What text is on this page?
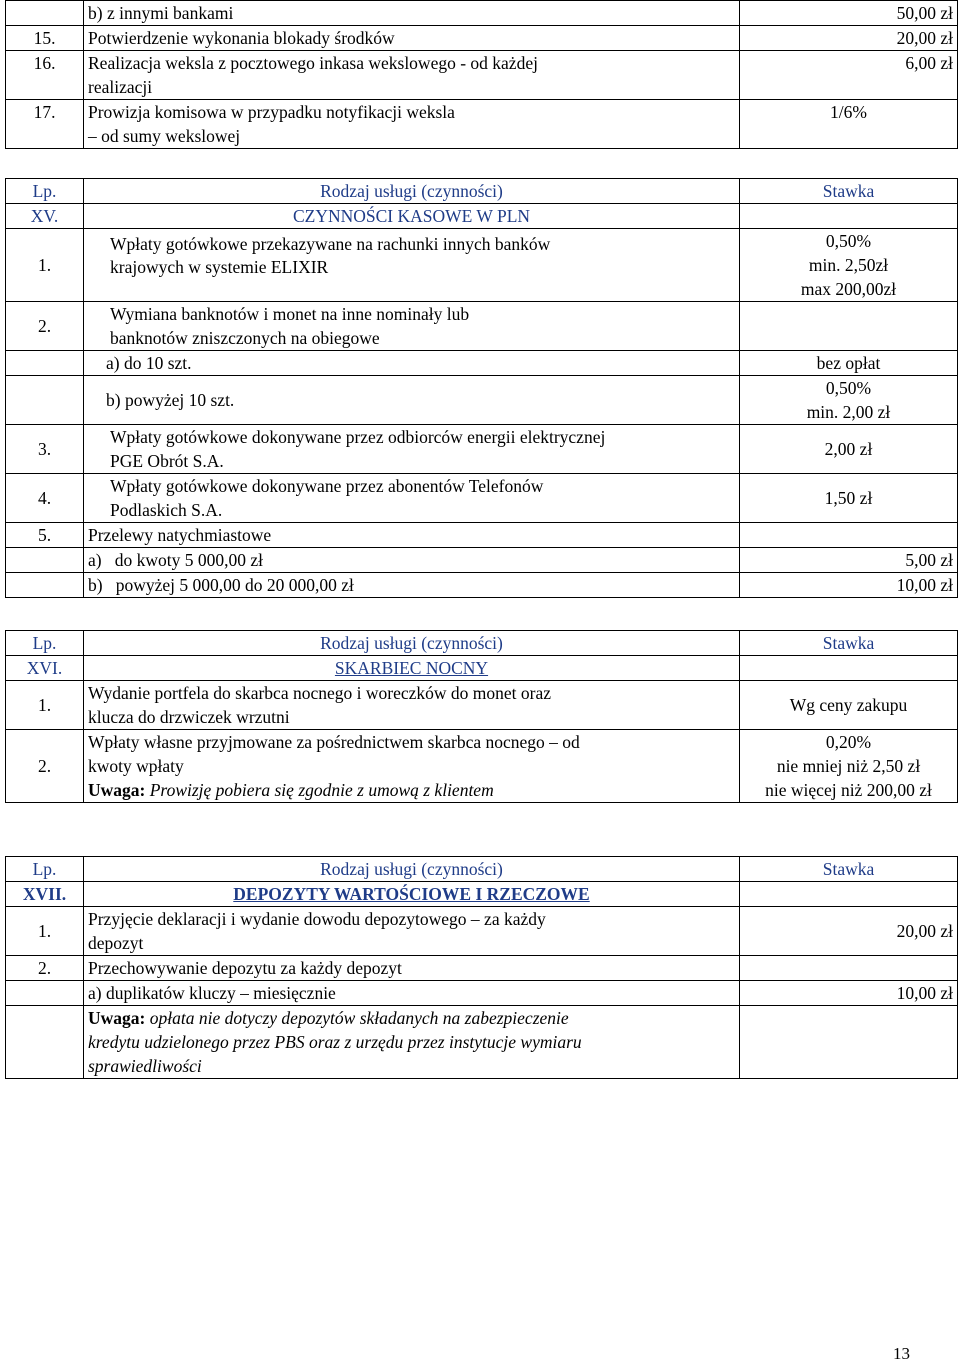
	b) z innymi bankami	50,00 zł
15.	Potwierdzenie wykonania blokady środków	20,00 zł
16.	Realizacja weksla z pocztowego inkasa wekslowego - od każdej
realizacji	6,00 zł
17.	Prowizja komisowa w przypadku notyfikacji weksla
– od sumy wekslowej	1/6%
Lp.	Rodzaj usługi (czynności)	Stawka
XV.	CZYNNOŚCI KASOWE W PLN	
1.	Wpłaty gotówkowe przekazywane na rachunki innych banków
krajowych w systemie ELIXIR	0,50%
min. 2,50zł
max 200,00zł

2.	Wymiana banknotów i monet na inne nominały lub
banknotów zniszczonych na obiegowe	

	a) do 10 szt.	bez opłat
	b) powyżej 10 szt.	0,50%
min. 2,00 zł

3.	Wpłaty gotówkowe dokonywane przez odbiorców energii elektrycznej
PGE Obrót S.A.	2,00 zł
4.	Wpłaty gotówkowe dokonywane przez abonentów Telefonów
Podlaskich S.A.	1,50 zł
5.	Przelewy natychmiastowe	
	a)   do kwoty 5 000,00 zł	5,00 zł
	b)   powyżej 5 000,00 do 20 000,00 zł	10,00 zł
Lp.	Rodzaj usługi (czynności)	Stawka
XVI.	SKARBIEC NOCNY	
1.	Wydanie portfela do skarbca nocnego i woreczków do monet oraz
klucza do drzwiczek wrzutni	Wg ceny zakupu
2.	Wpłaty własne przyjmowane za pośrednictwem skarbca nocnego – od
kwoty wpłaty
Uwaga: Prowizję pobiera się zgodnie z umową z klientem	0,20%
nie mniej niż 2,50 zł
nie więcej niż 200,00 zł
Lp.	Rodzaj usługi (czynności)	Stawka
XVII.	DEPOZYTY WARTOŚCIOWE I RZECZOWE	
1.	Przyjęcie deklaracji i wydanie dowodu depozytowego – za każdy
depozyt	20,00 zł
2.	Przechowywanie depozytu za każdy depozyt	
	a) duplikatów kluczy – miesięcznie	10,00 zł

	Uwaga: opłata nie dotyczy depozytów składanych na zabezpieczenie
kredytu udzielonego przez PBS oraz z urzędu przez instytucje wymiaru
sprawiedliwości	

13
